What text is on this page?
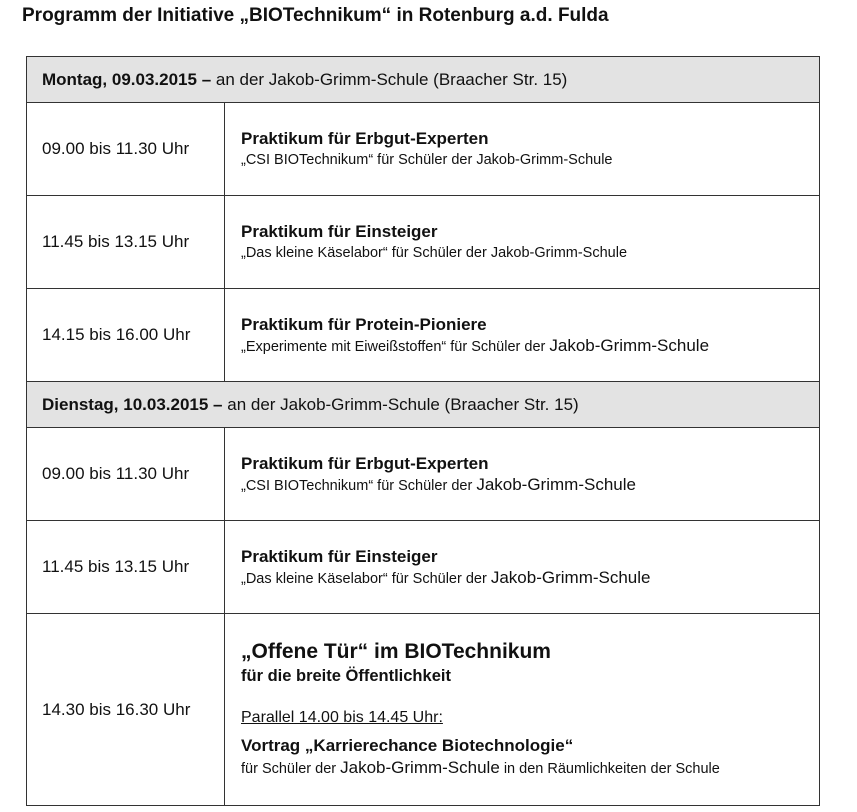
Programm der Initiative „BIOTechnikum“ in Rotenburg a.d. Fulda
Montag, 09.03.2015 – an der Jakob-Grimm-Schule (Braacher Str. 15)	
09.00 bis 11.30 Uhr	Praktikum für Erbgut-Experten
„CSI BIOTechnikum“ für Schüler der Jakob-Grimm-Schule

11.45 bis 13.15 Uhr	Praktikum für Einsteiger
„Das kleine Käselabor“ für Schüler der Jakob-Grimm-Schule

14.15 bis 16.00 Uhr	Praktikum für Protein-Pioniere
„Experimente mit Eiweißstoffen“ für Schüler der Jakob-Grimm-Schule

Dienstag, 10.03.2015 – an der Jakob-Grimm-Schule (Braacher Str. 15)	
09.00 bis 11.30 Uhr	Praktikum für Erbgut-Experten
„CSI BIOTechnikum“ für Schüler der Jakob-Grimm-Schule

11.45 bis 13.15 Uhr	Praktikum für Einsteiger
„Das kleine Käselabor“ für Schüler der Jakob-Grimm-Schule

14.30 bis 16.30 Uhr	„Offene Tür“ im BIOTechnikum
für die breite Öffentlichkeit
Parallel 14.00 bis 14.45 Uhr:
Vortrag „Karrierechance Biotechnologie“
für Schüler der Jakob-Grimm-Schule in den Räumlichkeiten der Schule
